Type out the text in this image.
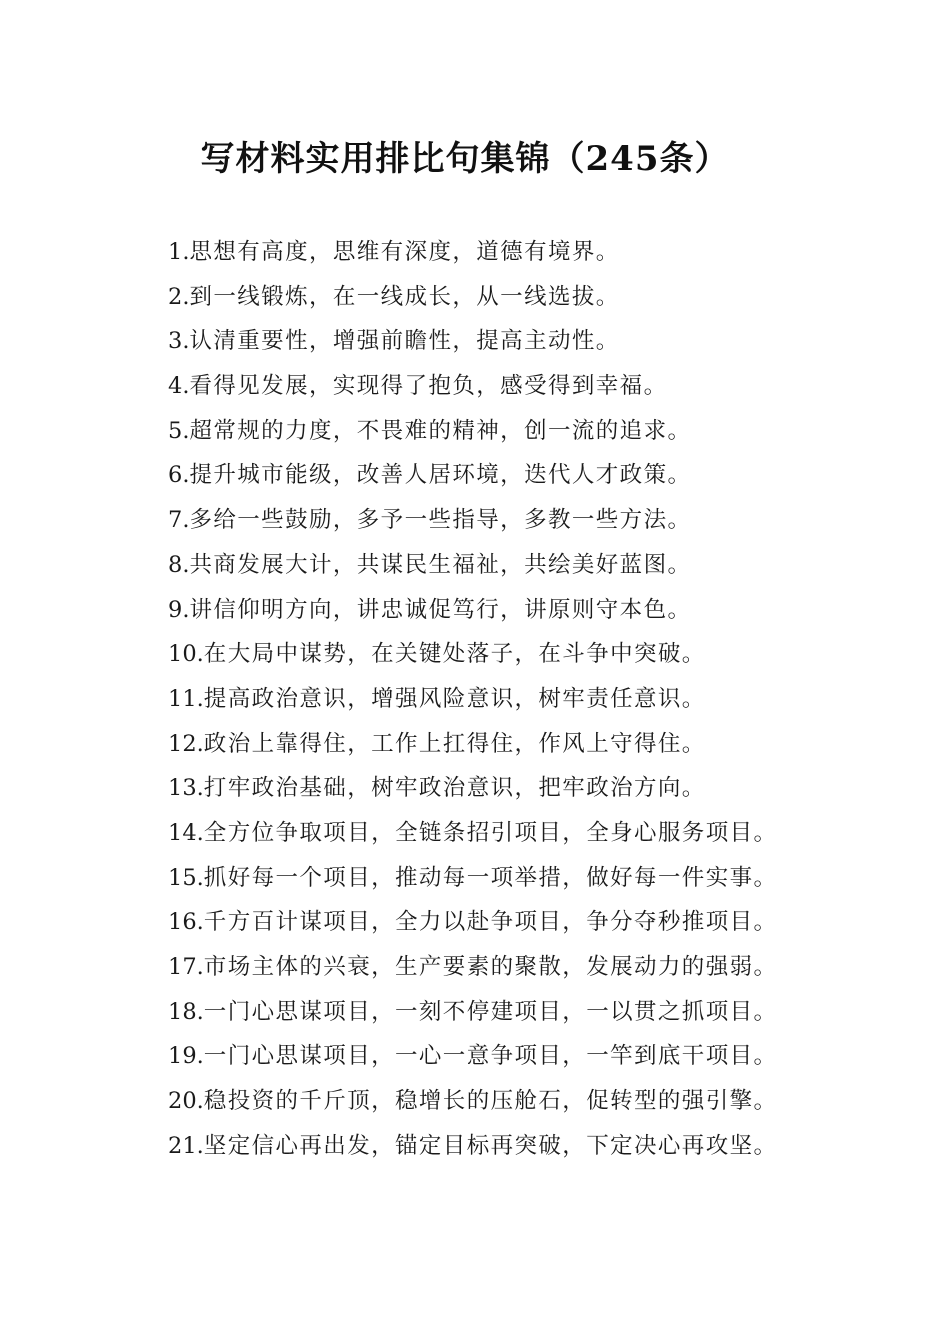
写材料实用排比句集锦（245条）
1.思想有高度，思维有深度，道德有境界。
2.到一线锻炼，在一线成长，从一线选拔。
3.认清重要性，增强前瞻性，提高主动性。
4.看得见发展，实现得了抱负，感受得到幸福。
5.超常规的力度，不畏难的精神，创一流的追求。
6.提升城市能级，改善人居环境，迭代人才政策。
7.多给一些鼓励，多予一些指导，多教一些方法。
8.共商发展大计，共谋民生福祉，共绘美好蓝图。
9.讲信仰明方向，讲忠诚促笃行，讲原则守本色。
10.在大局中谋势，在关键处落子，在斗争中突破。
11.提高政治意识，增强风险意识，树牢责任意识。
12.政治上靠得住，工作上扛得住，作风上守得住。
13.打牢政治基础，树牢政治意识，把牢政治方向。
14.全方位争取项目，全链条招引项目，全身心服务项目。
15.抓好每一个项目，推动每一项举措，做好每一件实事。
16.千方百计谋项目，全力以赴争项目，争分夺秒推项目。
17.市场主体的兴衰，生产要素的聚散，发展动力的强弱。
18.一门心思谋项目，一刻不停建项目，一以贯之抓项目。
19.一门心思谋项目，一心一意争项目，一竿到底干项目。
20.稳投资的千斤顶，稳增长的压舱石，促转型的强引擎。
21.坚定信心再出发，锚定目标再突破，下定决心再攻坚。
